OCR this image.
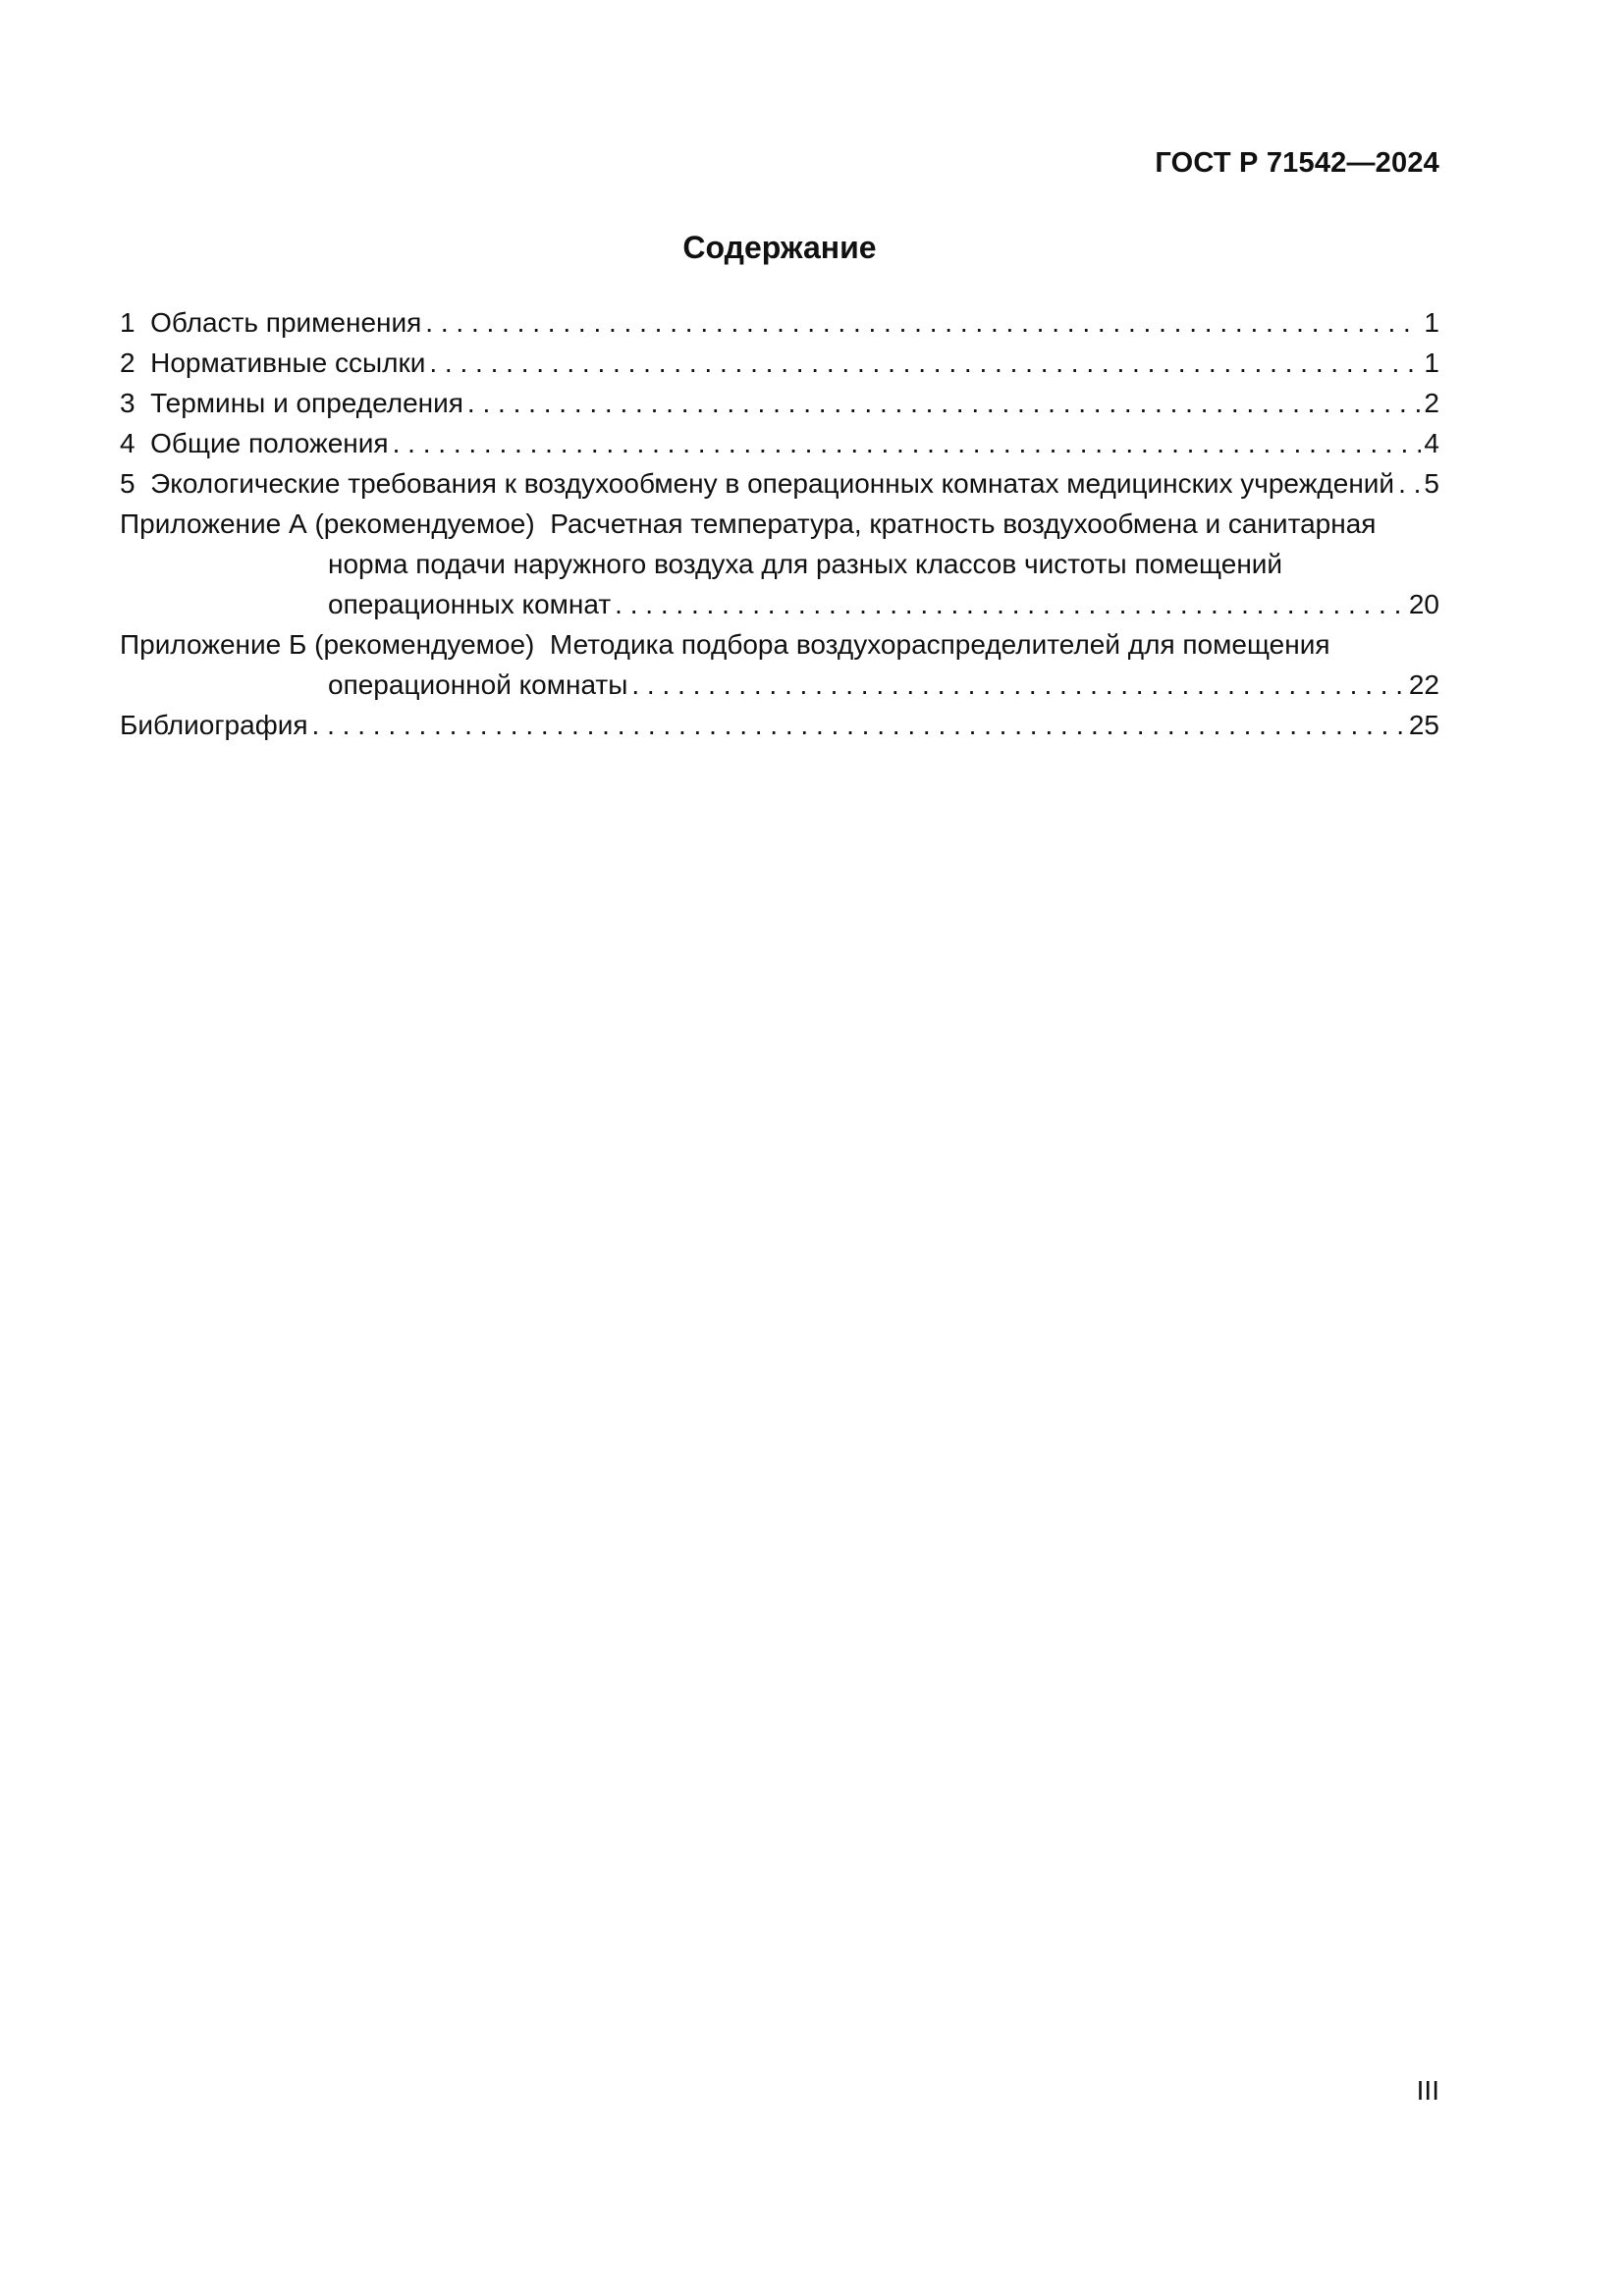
ГОСТ Р 71542—2024
Содержание
1  Область применения . . .	1
2  Нормативные ссылки . . .	1
3  Термины и определения . . .	2
4  Общие положения . . .	4
5  Экологические требования к воздухообмену в операционных комнатах медицинских учреждений . . . 5
Приложение А (рекомендуемое)  Расчетная температура, кратность воздухообмена и санитарная
норма подачи наружного воздуха для разных классов чистоты помещений
операционных комнат . . .	20
Приложение Б (рекомендуемое)  Методика подбора воздухораспределителей для помещения
операционной комнаты . . .	22
Библиография . . .	25
III
